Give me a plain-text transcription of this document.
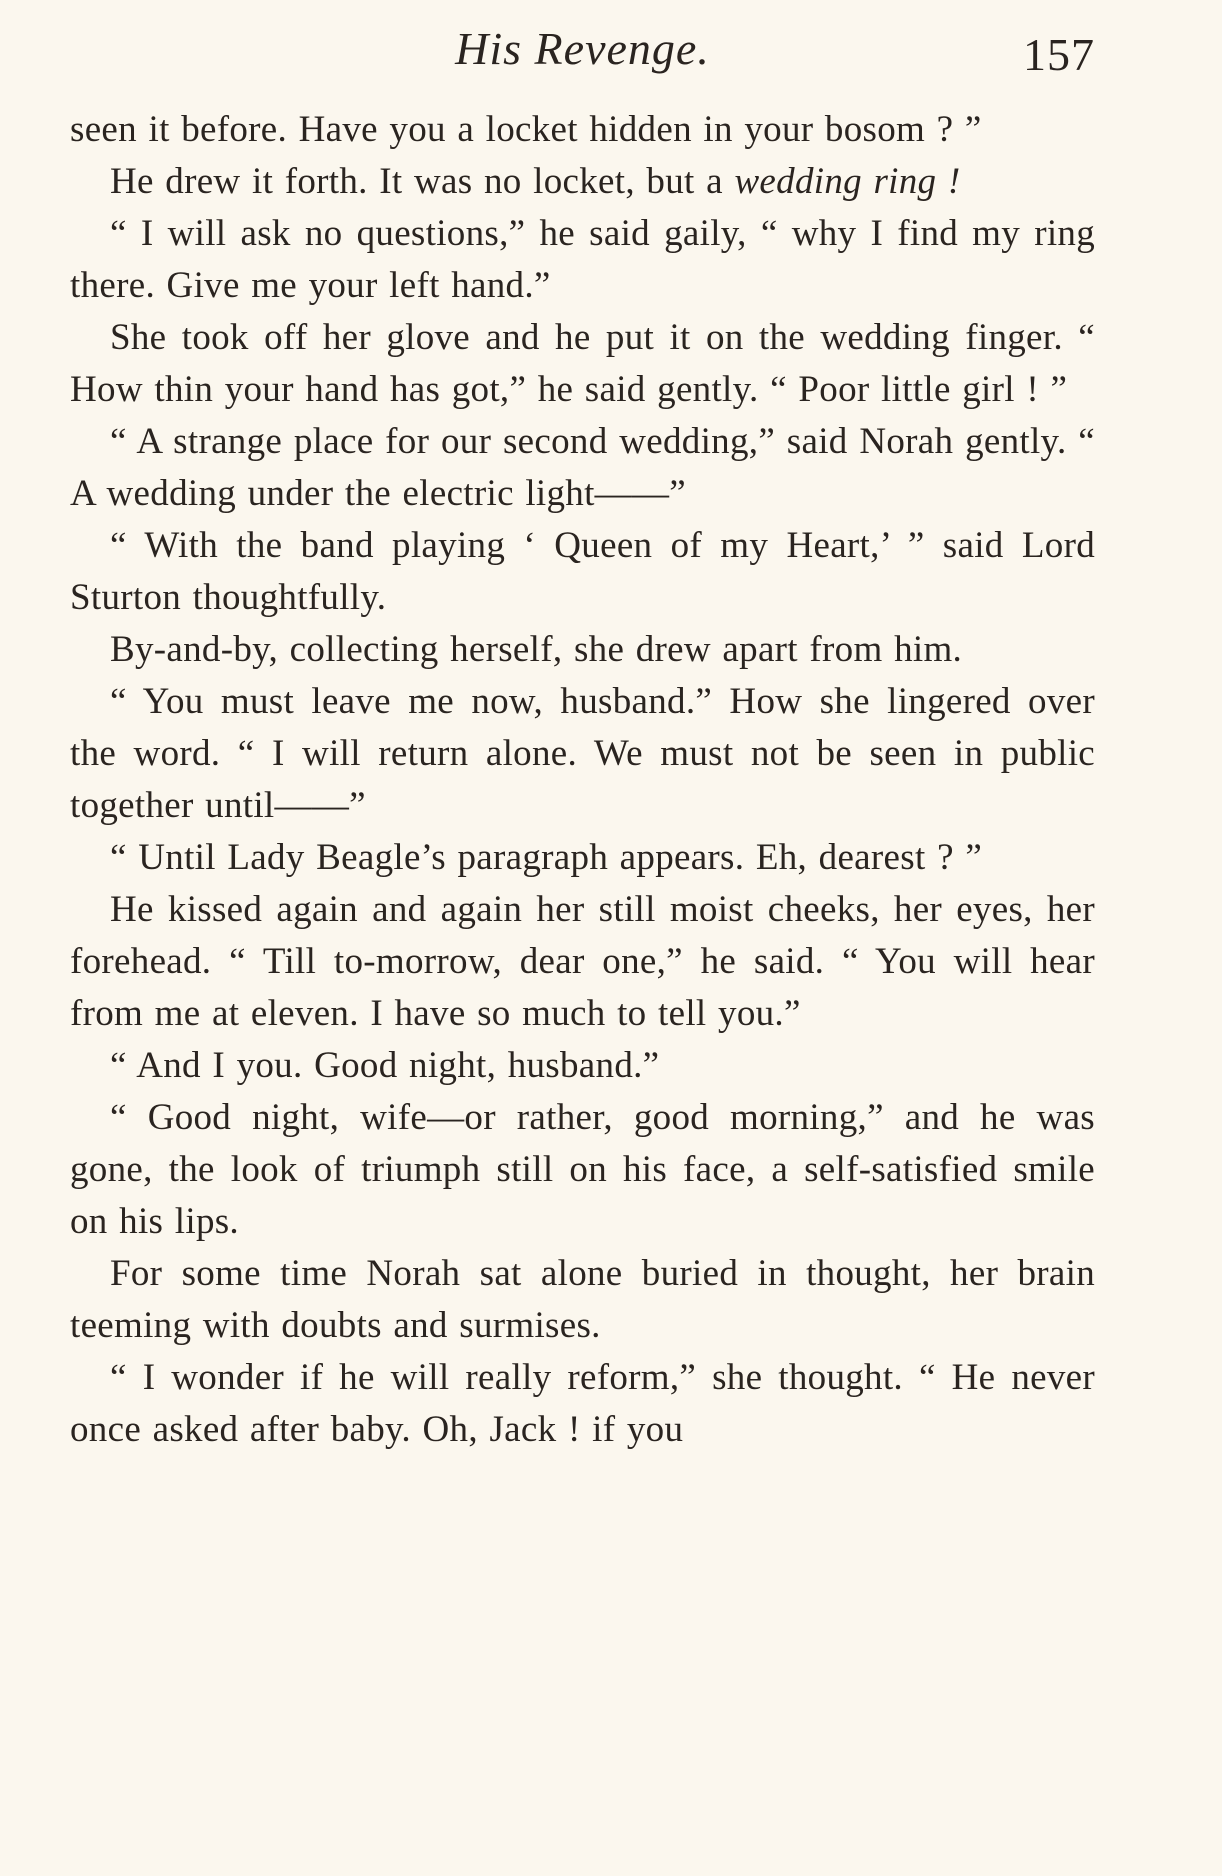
His Revenge.	157

seen it before. Have you a locket hidden in your bosom ? ”

He drew it forth. It was no locket, but a wedding ring !

“ I will ask no questions,” he said gaily, “ why I find my ring there. Give me your left hand.”

She took off her glove and he put it on the wedding finger. “ How thin your hand has got,” he said gently. “ Poor little girl ! ”

“ A strange place for our second wedding,” said Norah gently. “ A wedding under the electric light——”

“ With the band playing ‘ Queen of my Heart,’ ” said Lord Sturton thoughtfully.

By-and-by, collecting herself, she drew apart from him.

“ You must leave me now, husband.” How she lingered over the word. “ I will return alone. We must not be seen in public together until——”

“ Until Lady Beagle’s paragraph appears. Eh, dearest ? ”

He kissed again and again her still moist cheeks, her eyes, her forehead. “ Till to-morrow, dear one,” he said. “ You will hear from me at eleven. I have so much to tell you.”

“ And I you. Good night, husband.”

“ Good night, wife—or rather, good morning,” and he was gone, the look of triumph still on his face, a self-satisfied smile on his lips.

For some time Norah sat alone buried in thought, her brain teeming with doubts and surmises.

“ I wonder if he will really reform,” she thought. “ He never once asked after baby. Oh, Jack ! if you
